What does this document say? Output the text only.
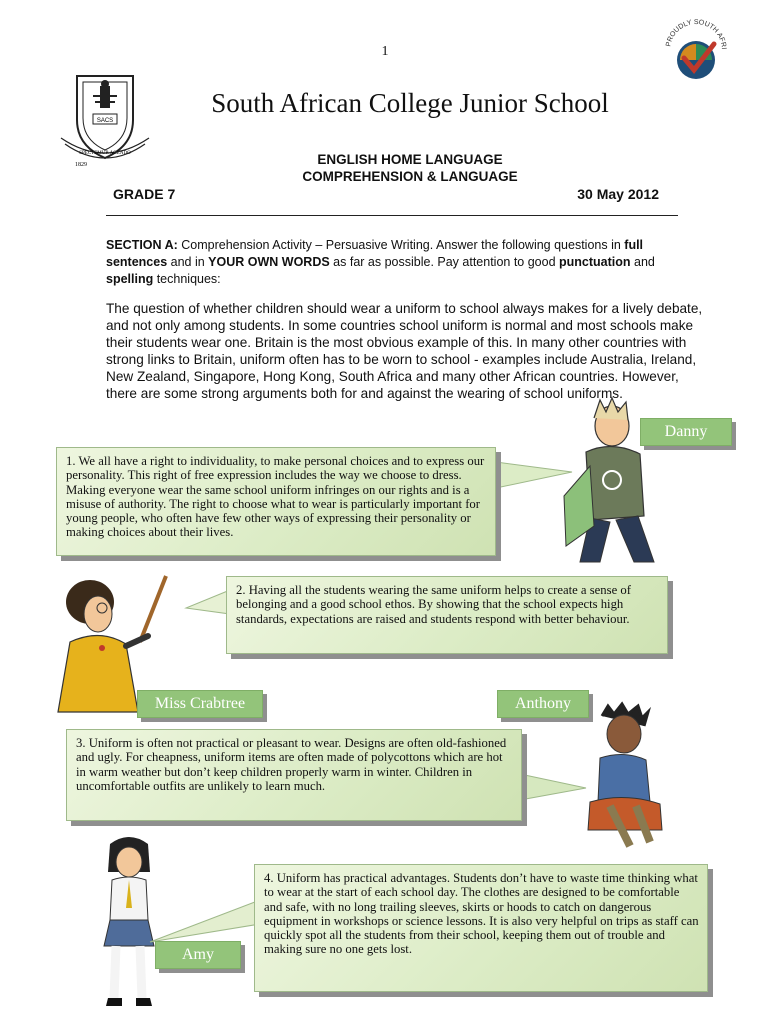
1
SACS
SPECTEMUR AGENDO
1829
PROUDLY SOUTH AFRICAN
South African College Junior School
ENGLISH HOME LANGUAGE
COMPREHENSION & LANGUAGE
GRADE 7	30 May 2012
SECTION A: Comprehension Activity – Persuasive Writing. Answer the following questions in full sentences and in YOUR OWN WORDS as far as possible. Pay attention to good punctuation and spelling techniques:
The question of whether children should wear a uniform to school always makes for a lively debate, and not only among students. In some countries school uniform is normal and most schools make their students wear one. Britain is the most obvious example of this. In many other countries with strong links to Britain, uniform often has to be worn to school - examples include Australia, Ireland, New Zealand, Singapore, Hong Kong, South Africa and many other African countries. However, there are some strong arguments both for and against the wearing of school uniforms.
Danny
1. We all have a right to individuality, to make personal choices and to express our personality. This right of free expression includes the way we choose to dress. Making everyone wear the same school uniform infringes on our rights and is a misuse of authority. The right to choose what to wear is particularly important for young people, who often have few other ways of expressing their personality or making choices about their lives.
2. Having all the students wearing the same uniform helps to create a sense of belonging and a good school ethos. By showing that the school expects high standards, expectations are raised and students respond with better behaviour.
Miss Crabtree	Anthony
3. Uniform is often not practical or pleasant to wear. Designs are often old-fashioned and ugly. For cheapness, uniform items are often made of polycottons which are hot in warm weather but don’t keep children properly warm in winter. Children in uncomfortable outfits are unlikely to learn much.
4. Uniform has practical advantages. Students don’t have to waste time thinking what to wear at the start of each school day. The clothes are designed to be comfortable and safe, with no long trailing sleeves, skirts or hoods to catch on dangerous equipment in workshops or science lessons. It is also very helpful on trips as staff can quickly spot all the students from their school, keeping them out of trouble and making sure no one gets lost.
Amy
